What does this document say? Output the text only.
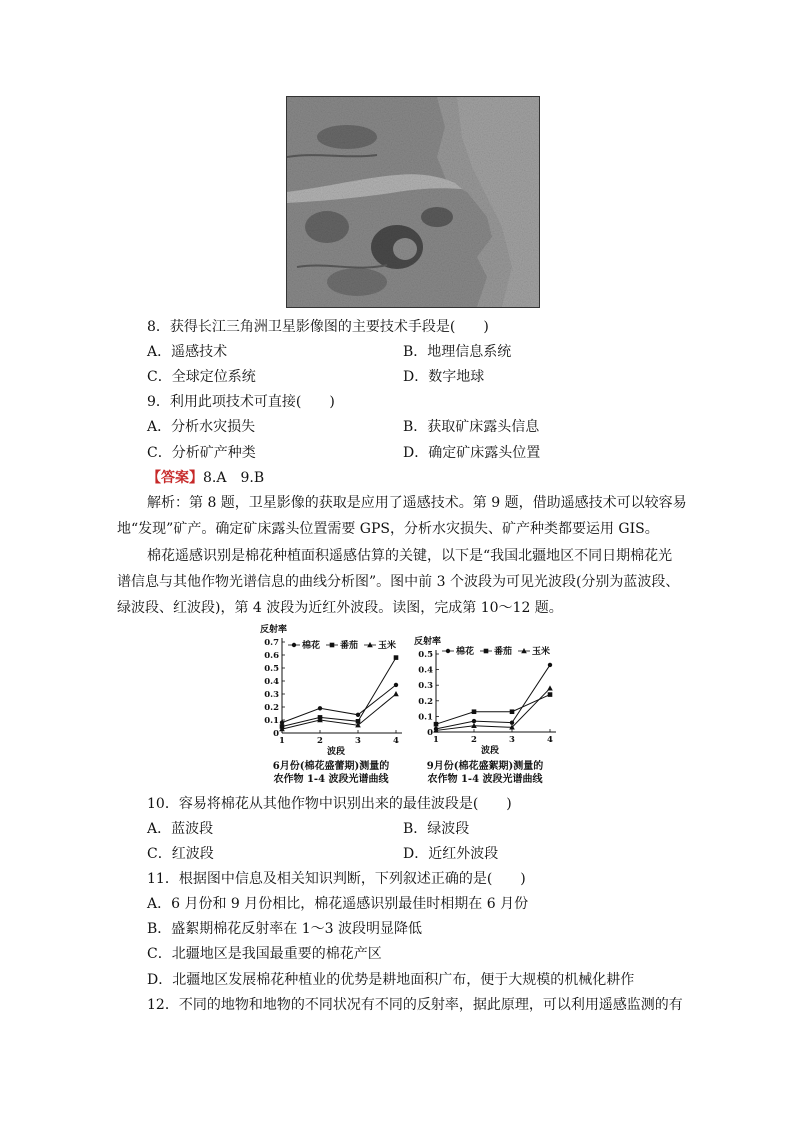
8．获得长江三角洲卫星影像图的主要技术手段是(　　)
A．遥感技术	B．地理信息系统
C．全球定位系统	D．数字地球
9．利用此项技术可直接(　　)
A．分析水灾损失	B．获取矿床露头信息
C．分析矿产种类	D．确定矿床露头位置
【答案】8.A　9.B
解析：第 8 题，卫星影像的获取是应用了遥感技术。第 9 题，借助遥感技术可以较容易
地“发现”矿产。确定矿床露头位置需要 GPS，分析水灾损失、矿产种类都要运用 GIS。
棉花遥感识别是棉花种植面积遥感估算的关键，以下是“我国北疆地区不同日期棉花光
谱信息与其他作物光谱信息的曲线分析图”。图中前 3 个波段为可见光波段(分别为蓝波段、
绿波段、红波段)，第 4 波段为近红外波段。读图，完成第 10～12 题。
反射率
0
0.1
0.2
0.3
0.4
0.5
0.6
0.7
1	2	3	4
波段
棉花 番茄 玉米
6月份(棉花盛蕾期)测量的
农作物 1-4 波段光谱曲线
反射率
0
0.1
0.2
0.3
0.4
0.5
1	2	3	4
波段
棉花 番茄 玉米
9月份(棉花盛絮期)测量的
农作物 1-4 波段光谱曲线
10．容易将棉花从其他作物中识别出来的最佳波段是(　　)
A．蓝波段	B．绿波段
C．红波段	D．近红外波段
11．根据图中信息及相关知识判断，下列叙述正确的是(　　)
A．6 月份和 9 月份相比，棉花遥感识别最佳时相期在 6 月份
B．盛絮期棉花反射率在 1～3 波段明显降低
C．北疆地区是我国最重要的棉花产区
D．北疆地区发展棉花种植业的优势是耕地面积广布，便于大规模的机械化耕作
12．不同的地物和地物的不同状况有不同的反射率，据此原理，可以利用遥感监测的有
